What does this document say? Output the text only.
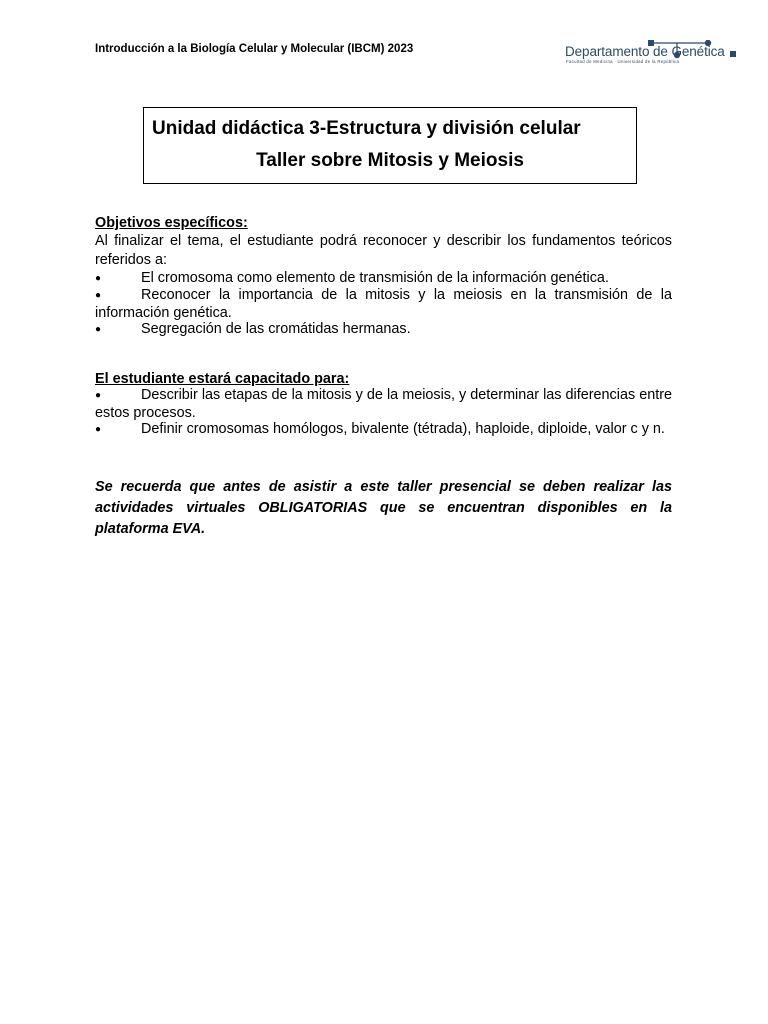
Introducción a la Biología Celular y Molecular (IBCM) 2023	Departamento de Genética
Facultad de Medicina · Universidad de la República
Unidad didáctica 3-Estructura y división celular
Taller sobre Mitosis y Meiosis
Objetivos específicos:
Al finalizar el tema, el estudiante podrá reconocer y describir los fundamentos teóricos referidos a:
●	El cromosoma como elemento de transmisión de la información genética.
●	Reconocer la importancia de la mitosis y la meiosis en la transmisión de la información genética.
●	Segregación de las cromátidas hermanas.
El estudiante estará capacitado para:
●	Describir las etapas de la mitosis y de la meiosis, y determinar las diferencias entre estos procesos.
●	Definir cromosomas homólogos, bivalente (tétrada), haploide, diploide, valor c y n.
Se recuerda que antes de asistir a este taller presencial se deben realizar las actividades virtuales OBLIGATORIAS que se encuentran disponibles en la plataforma EVA.
